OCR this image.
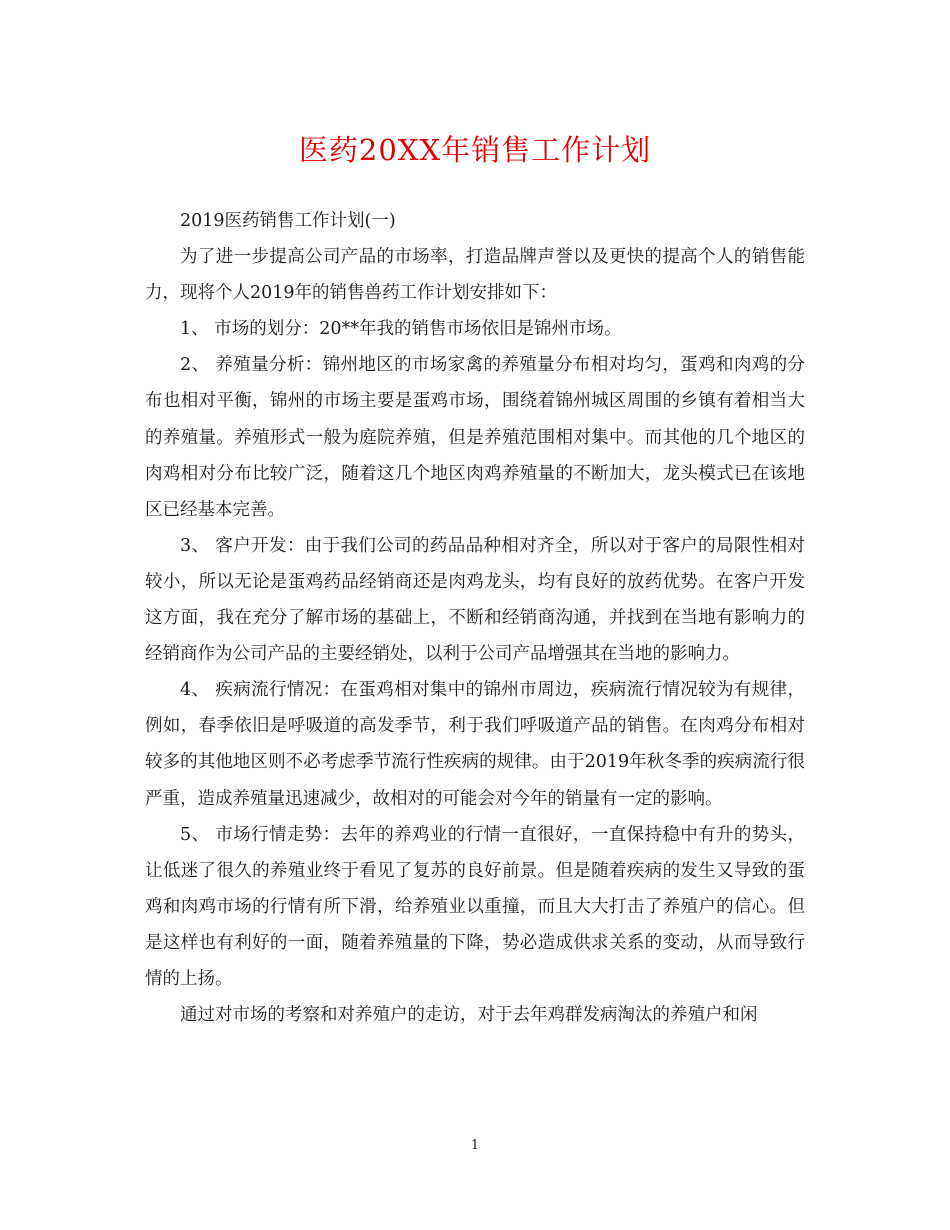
医药20XX年销售工作计划

2019医药销售工作计划(一)

为了进一步提高公司产品的市场率，打造品牌声誉以及更快的提高个人的销售能力，现将个人2019年的销售兽药工作计划安排如下：

1、 市场的划分：20**年我的销售市场依旧是锦州市场。

2、 养殖量分析：锦州地区的市场家禽的养殖量分布相对均匀，蛋鸡和肉鸡的分布也相对平衡，锦州的市场主要是蛋鸡市场，围绕着锦州城区周围的乡镇有着相当大的养殖量。养殖形式一般为庭院养殖，但是养殖范围相对集中。而其他的几个地区的肉鸡相对分布比较广泛，随着这几个地区肉鸡养殖量的不断加大，龙头模式已在该地区已经基本完善。

3、 客户开发：由于我们公司的药品品种相对齐全，所以对于客户的局限性相对较小，所以无论是蛋鸡药品经销商还是肉鸡龙头，均有良好的放药优势。在客户开发这方面，我在充分了解市场的基础上，不断和经销商沟通，并找到在当地有影响力的经销商作为公司产品的主要经销处，以利于公司产品增强其在当地的影响力。

4、 疾病流行情况：在蛋鸡相对集中的锦州市周边，疾病流行情况较为有规律，例如，春季依旧是呼吸道的高发季节，利于我们呼吸道产品的销售。在肉鸡分布相对较多的其他地区则不必考虑季节流行性疾病的规律。由于2019年秋冬季的疾病流行很严重，造成养殖量迅速减少，故相对的可能会对今年的销量有一定的影响。

5、 市场行情走势：去年的养鸡业的行情一直很好，一直保持稳中有升的势头，让低迷了很久的养殖业终于看见了复苏的良好前景。但是随着疾病的发生又导致的蛋鸡和肉鸡市场的行情有所下滑，给养殖业以重撞，而且大大打击了养殖户的信心。但是这样也有利好的一面，随着养殖量的下降，势必造成供求关系的变动，从而导致行情的上扬。

通过对市场的考察和对养殖户的走访，对于去年鸡群发病淘汰的养殖户和闲

1
